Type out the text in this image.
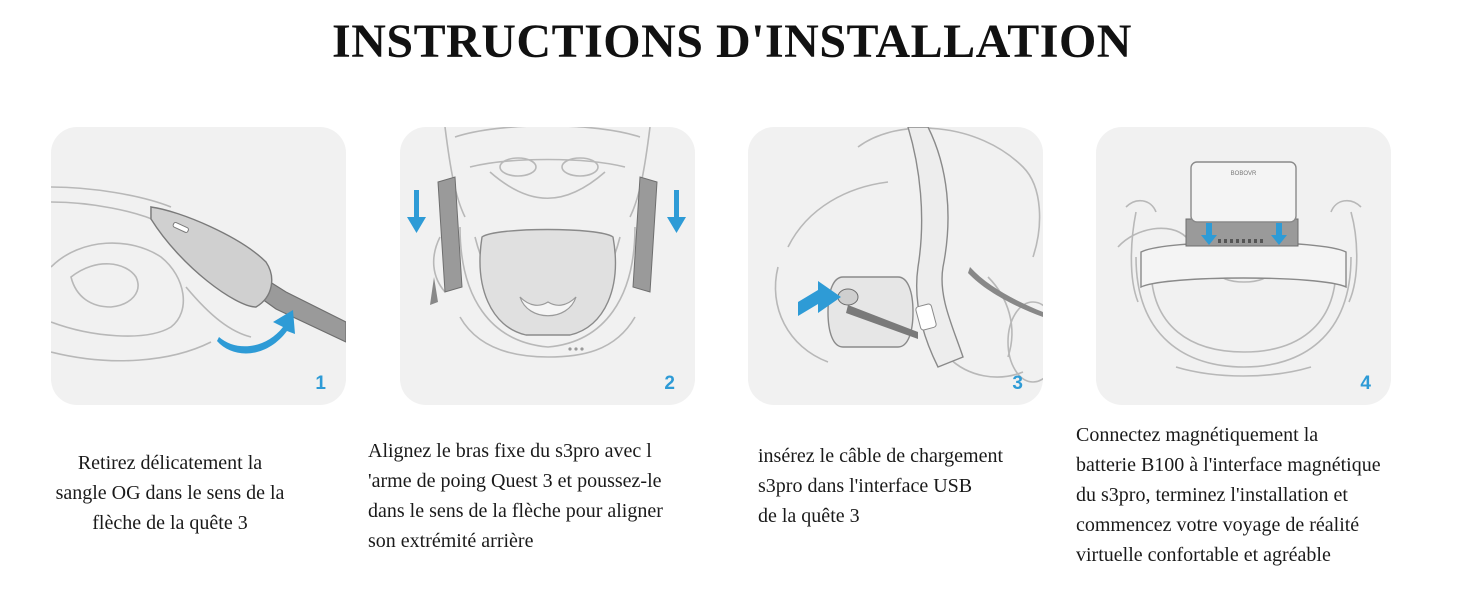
INSTRUCTIONS D'INSTALLATION
1	2	3
BOBOVR
4
Retirez délicatement la
sangle OG dans le sens de la
flèche de la quête 3
Alignez le bras fixe du s3pro avec l
'arme de poing Quest 3 et poussez-le
dans le sens de la flèche pour aligner
son extrémité arrière
insérez le câble de chargement
s3pro dans l'interface USB
de la quête 3
Connectez magnétiquement la
batterie B100 à l'interface magnétique
du s3pro, terminez l'installation et
commencez votre voyage de réalité
virtuelle confortable et agréable
